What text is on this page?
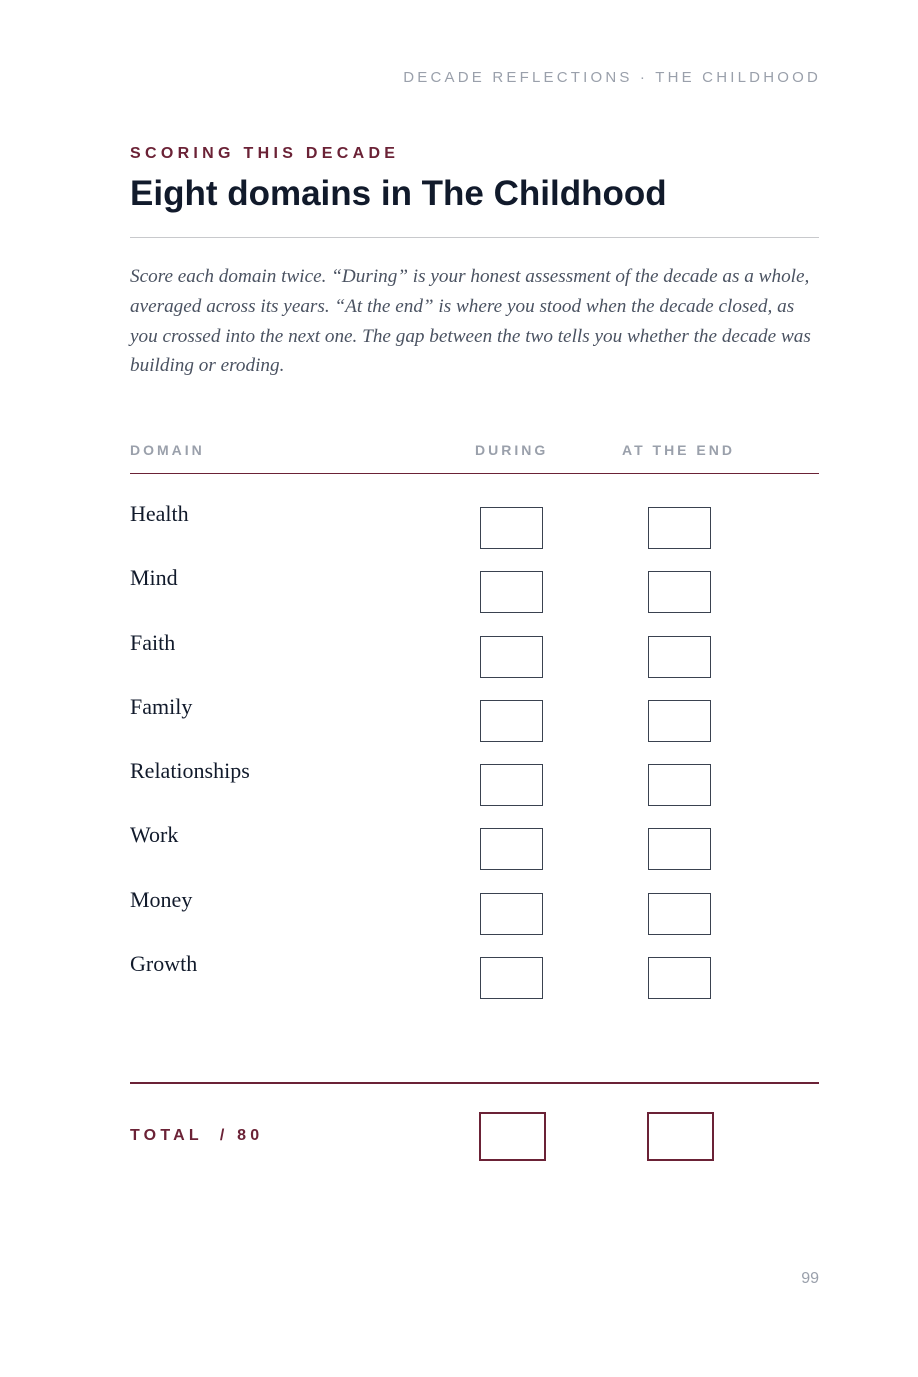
DECADE REFLECTIONS · THE CHILDHOOD
SCORING THIS DECADE
Eight domains in The Childhood

Score each domain twice. “During” is your honest assessment of the decade as a whole, averaged across its years. “At the end” is where you stood when the decade closed, as you crossed into the next one. The gap between the two tells you whether the decade was building or eroding.

DOMAIN	DURING	AT THE END
Health
Mind
Faith
Family
Relationships
Work
Money
Growth
TOTAL  / 80
99
